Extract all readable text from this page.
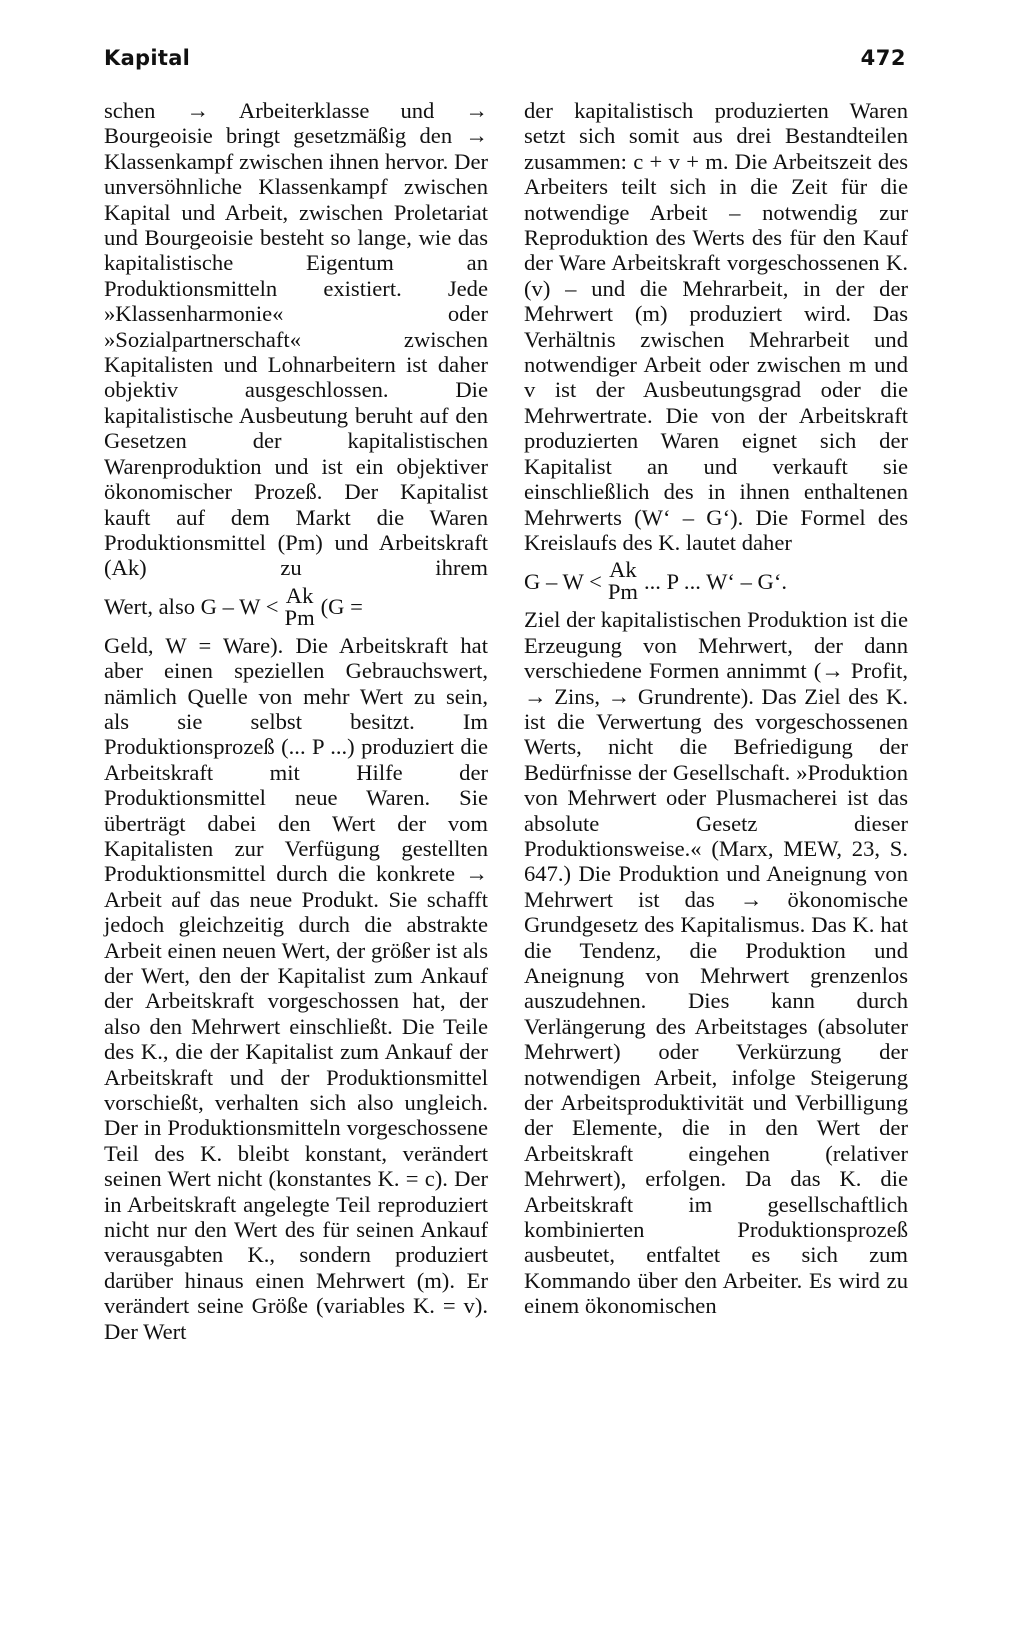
Kapital	472

schen → Arbeiterklasse und → Bourgeoisie bringt gesetzmäßig den → Klassenkampf zwischen ihnen hervor. Der unversöhnliche Klassenkampf zwischen Kapital und Arbeit, zwischen Proletariat und Bourgeoisie besteht so lange, wie das kapitalistische Eigentum an Produktionsmitteln existiert. Jede »Klassenharmonie« oder »Sozialpartnerschaft« zwischen Kapitalisten und Lohnarbeitern ist daher objektiv ausgeschlossen. Die kapitalistische Ausbeutung beruht auf den Gesetzen der kapitalistischen Warenproduktion und ist ein objektiver ökonomischer Prozeß. Der Kapitalist kauft auf dem Markt die Waren Produktionsmittel (Pm) und Arbeitskraft (Ak) zu ihrem

Wert, also G – W < Ak
Pm (G =

Geld, W = Ware). Die Arbeitskraft hat aber einen speziellen Gebrauchswert, nämlich Quelle von mehr Wert zu sein, als sie selbst besitzt. Im Produktionsprozeß (... P ...) produziert die Arbeitskraft mit Hilfe der Produktionsmittel neue Waren. Sie überträgt dabei den Wert der vom Kapitalisten zur Verfügung gestellten Produktionsmittel durch die konkrete → Arbeit auf das neue Produkt. Sie schafft jedoch gleichzeitig durch die abstrakte Arbeit einen neuen Wert, der größer ist als der Wert, den der Kapitalist zum Ankauf der Arbeitskraft vorgeschossen hat, der also den Mehrwert einschließt. Die Teile des K., die der Kapitalist zum Ankauf der Arbeitskraft und der Produktionsmittel vorschießt, verhalten sich also ungleich. Der in Produktionsmitteln vorgeschossene Teil des K. bleibt konstant, verändert seinen Wert nicht (konstantes K. = c). Der in Arbeitskraft angelegte Teil reproduziert nicht nur den Wert des für seinen Ankauf verausgabten K., sondern produziert darüber hinaus einen Mehrwert (m). Er verändert seine Größe (variables K. = v). Der Wert

der kapitalistisch produzierten Waren setzt sich somit aus drei Bestandteilen zusammen: c + v + m. Die Arbeitszeit des Arbeiters teilt sich in die Zeit für die notwendige Arbeit – notwendig zur Reproduktion des Werts des für den Kauf der Ware Arbeitskraft vorgeschossenen K. (v) – und die Mehrarbeit, in der der Mehrwert (m) produziert wird. Das Verhältnis zwischen Mehrarbeit und notwendiger Arbeit oder zwischen m und v ist der Ausbeutungsgrad oder die Mehrwertrate. Die von der Arbeitskraft produzierten Waren eignet sich der Kapitalist an und verkauft sie einschließlich des in ihnen enthaltenen Mehrwerts (W‘ – G‘). Die Formel des Kreislaufs des K. lautet daher

G – W < Ak
Pm ... P ... W‘ – G‘.

Ziel der kapitalistischen Produktion ist die Erzeugung von Mehrwert, der dann verschiedene Formen annimmt (→ Profit, → Zins, → Grundrente). Das Ziel des K. ist die Verwertung des vorgeschossenen Werts, nicht die Befriedigung der Bedürfnisse der Gesellschaft. »Produktion von Mehrwert oder Plusmacherei ist das absolute Gesetz dieser Produktionsweise.« (Marx, MEW, 23, S. 647.) Die Produktion und Aneignung von Mehrwert ist das → ökonomische Grundgesetz des Kapitalismus. Das K. hat die Tendenz, die Produktion und Aneignung von Mehrwert grenzenlos auszudehnen. Dies kann durch Verlängerung des Arbeitstages (absoluter Mehrwert) oder Verkürzung der notwendigen Arbeit, infolge Steigerung der Arbeitsproduktivität und Verbilligung der Elemente, die in den Wert der Arbeitskraft eingehen (relativer Mehrwert), erfolgen. Da das K. die Arbeitskraft im gesellschaftlich kombinierten Produktionsprozeß ausbeutet, entfaltet es sich zum Kommando über den Arbeiter. Es wird zu einem ökonomischen
